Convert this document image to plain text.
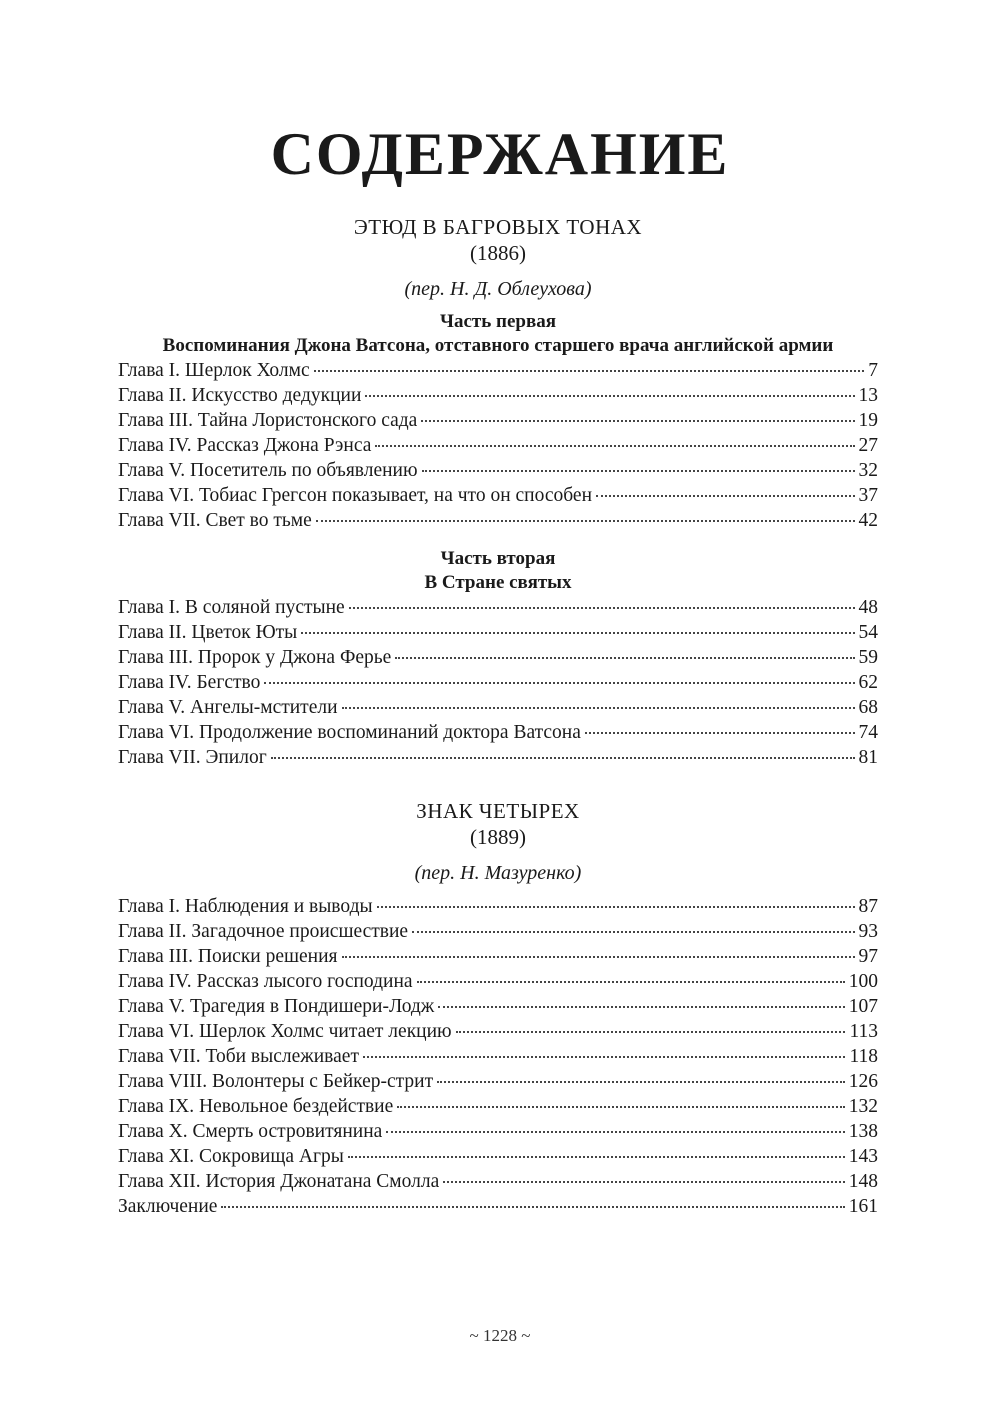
СОДЕРЖАНИЕ
ЭТЮД В БАГРОВЫХ ТОНАХ
(1886)
(пер. Н. Д. Облеухова)
Часть первая
Воспоминания Джона Ватсона, отставного старшего врача английской армии
Глава I. Шерлок Холмс	7
Глава II. Искусство дедукции	13
Глава III. Тайна Лористонского сада	19
Глава IV. Рассказ Джона Рэнса	27
Глава V. Посетитель по объявлению	32
Глава VI. Тобиас Грегсон показывает, на что он способен	37
Глава VII. Свет во тьме	42
Часть вторая
В Стране святых
Глава I. В соляной пустыне	48
Глава II. Цветок Юты	54
Глава III. Пророк у Джона Ферье	59
Глава IV. Бегство	62
Глава V. Ангелы-мстители	68
Глава VI. Продолжение воспоминаний доктора Ватсона	74
Глава VII. Эпилог	81
ЗНАК ЧЕТЫРЕХ
(1889)
(пер. Н. Мазуренко)
Глава I. Наблюдения и выводы	87
Глава II. Загадочное происшествие	93
Глава III. Поиски решения	97
Глава IV. Рассказ лысого господина	100
Глава V. Трагедия в Пондишери-Лодж	107
Глава VI. Шерлок Холмс читает лекцию	113
Глава VII. Тоби выслеживает	118
Глава VIII. Волонтеры с Бейкер-стрит	126
Глава IX. Невольное бездействие	132
Глава X. Смерть островитянина	138
Глава XI. Сокровища Агры	143
Глава XII. История Джонатана Смолла	148
Заключение	161
~ 1228 ~
